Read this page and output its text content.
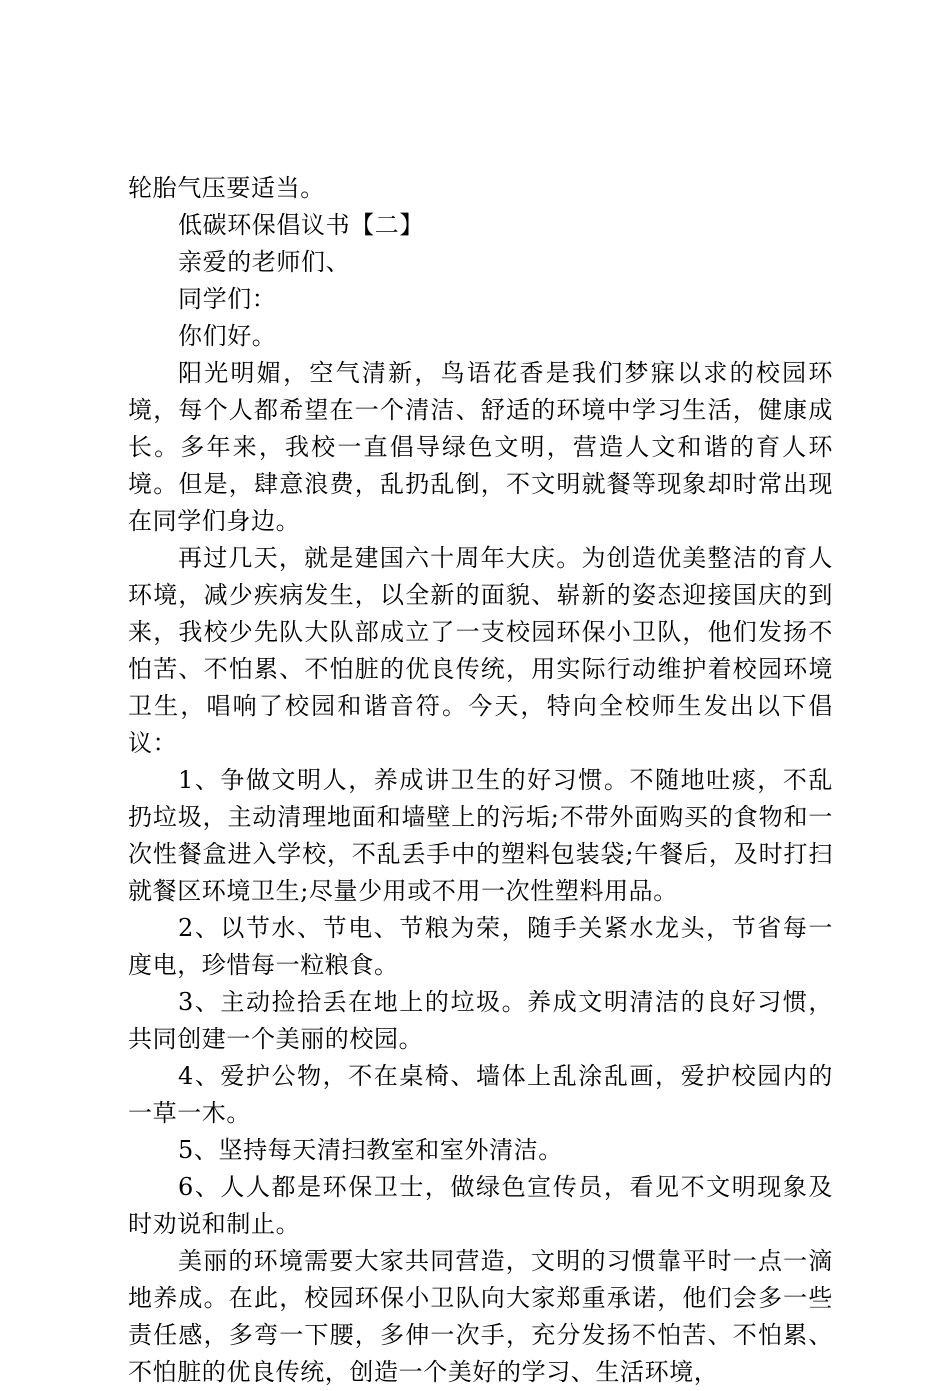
轮胎气压要适当。

低碳环保倡议书【二】

亲爱的老师们、

同学们：

你们好。

阳光明媚，空气清新，鸟语花香是我们梦寐以求的校园环境，每个人都希望在一个清洁、舒适的环境中学习生活，健康成长。多年来，我校一直倡导绿色文明，营造人文和谐的育人环境。但是，肆意浪费，乱扔乱倒，不文明就餐等现象却时常出现在同学们身边。

再过几天，就是建国六十周年大庆。为创造优美整洁的育人环境，减少疾病发生，以全新的面貌、崭新的姿态迎接国庆的到来，我校少先队大队部成立了一支校园环保小卫队，他们发扬不怕苦、不怕累、不怕脏的优良传统，用实际行动维护着校园环境卫生，唱响了校园和谐音符。今天，特向全校师生发出以下倡议：

1、争做文明人，养成讲卫生的好习惯。不随地吐痰，不乱扔垃圾，主动清理地面和墙壁上的污垢;不带外面购买的食物和一次性餐盒进入学校，不乱丢手中的塑料包装袋;午餐后，及时打扫就餐区环境卫生;尽量少用或不用一次性塑料用品。

2、以节水、节电、节粮为荣，随手关紧水龙头，节省每一度电，珍惜每一粒粮食。

3、主动捡拾丢在地上的垃圾。养成文明清洁的良好习惯，共同创建一个美丽的校园。

4、爱护公物，不在桌椅、墙体上乱涂乱画，爱护校园内的一草一木。

5、坚持每天清扫教室和室外清洁。

6、人人都是环保卫士，做绿色宣传员，看见不文明现象及时劝说和制止。

美丽的环境需要大家共同营造，文明的习惯靠平时一点一滴地养成。在此，校园环保小卫队向大家郑重承诺，他们会多一些责任感，多弯一下腰，多伸一次手，充分发扬不怕苦、不怕累、不怕脏的优良传统，创造一个美好的学习、生活环境，
